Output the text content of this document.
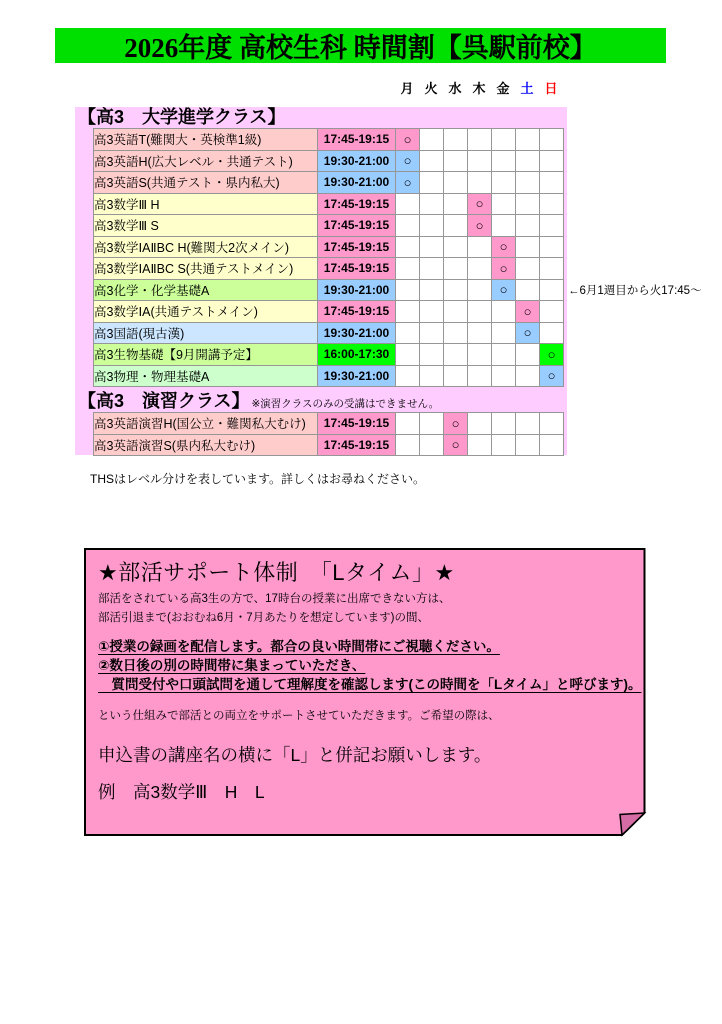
2026年度 高校生科 時間割【呉駅前校】
月 火 水 木 金 土 日
【高3　大学進学クラス】
高3英語T(難関大・英検準1級)	17:45-19:15	○						
高3英語H(広大レベル・共通テスト)	19:30-21:00	○						
高3英語S(共通テスト・県内私大)	19:30-21:00	○						
高3数学Ⅲ H	17:45-19:15				○			
高3数学Ⅲ S	17:45-19:15				○			
高3数学ⅠAⅡBC H(難関大2次メイン)	17:45-19:15					○		
高3数学ⅠAⅡBC S(共通テストメイン)	17:45-19:15					○		
高3化学・化学基礎A	19:30-21:00					○		←6月1週目から火17:45～

高3数学ⅠA(共通テストメイン)	17:45-19:15						○	
高3国語(現古漢)	19:30-21:00						○	
高3生物基礎【9月開講予定】	16:00-17:30							○
高3物理・物理基礎A	19:30-21:00							○
【高3　演習クラス】 ※演習クラスのみの受講はできません。
高3英語演習H(国公立・難関私大むけ)	17:45-19:15			○				
高3英語演習S(県内私大むけ)	17:45-19:15			○				
THSはレベル分けを表しています。詳しくはお尋ねください。
★部活サポート体制　「Lタイム」★
部活をされている高3生の方で、17時台の授業に出席できない方は、
部活引退まで(おおむね6月・7月あたりを想定しています)の間、
①授業の録画を配信します。都合の良い時間帯にご視聴ください。
②数日後の別の時間帯に集まっていただき、
　質問受付や口頭試問を通して理解度を確認します(この時間を「Lタイム」と呼びます)。
という仕組みで部活との両立をサポートさせていただきます。ご希望の際は、
申込書の講座名の横に「L」と併記お願いします。
例　高3数学Ⅲ　H　L
